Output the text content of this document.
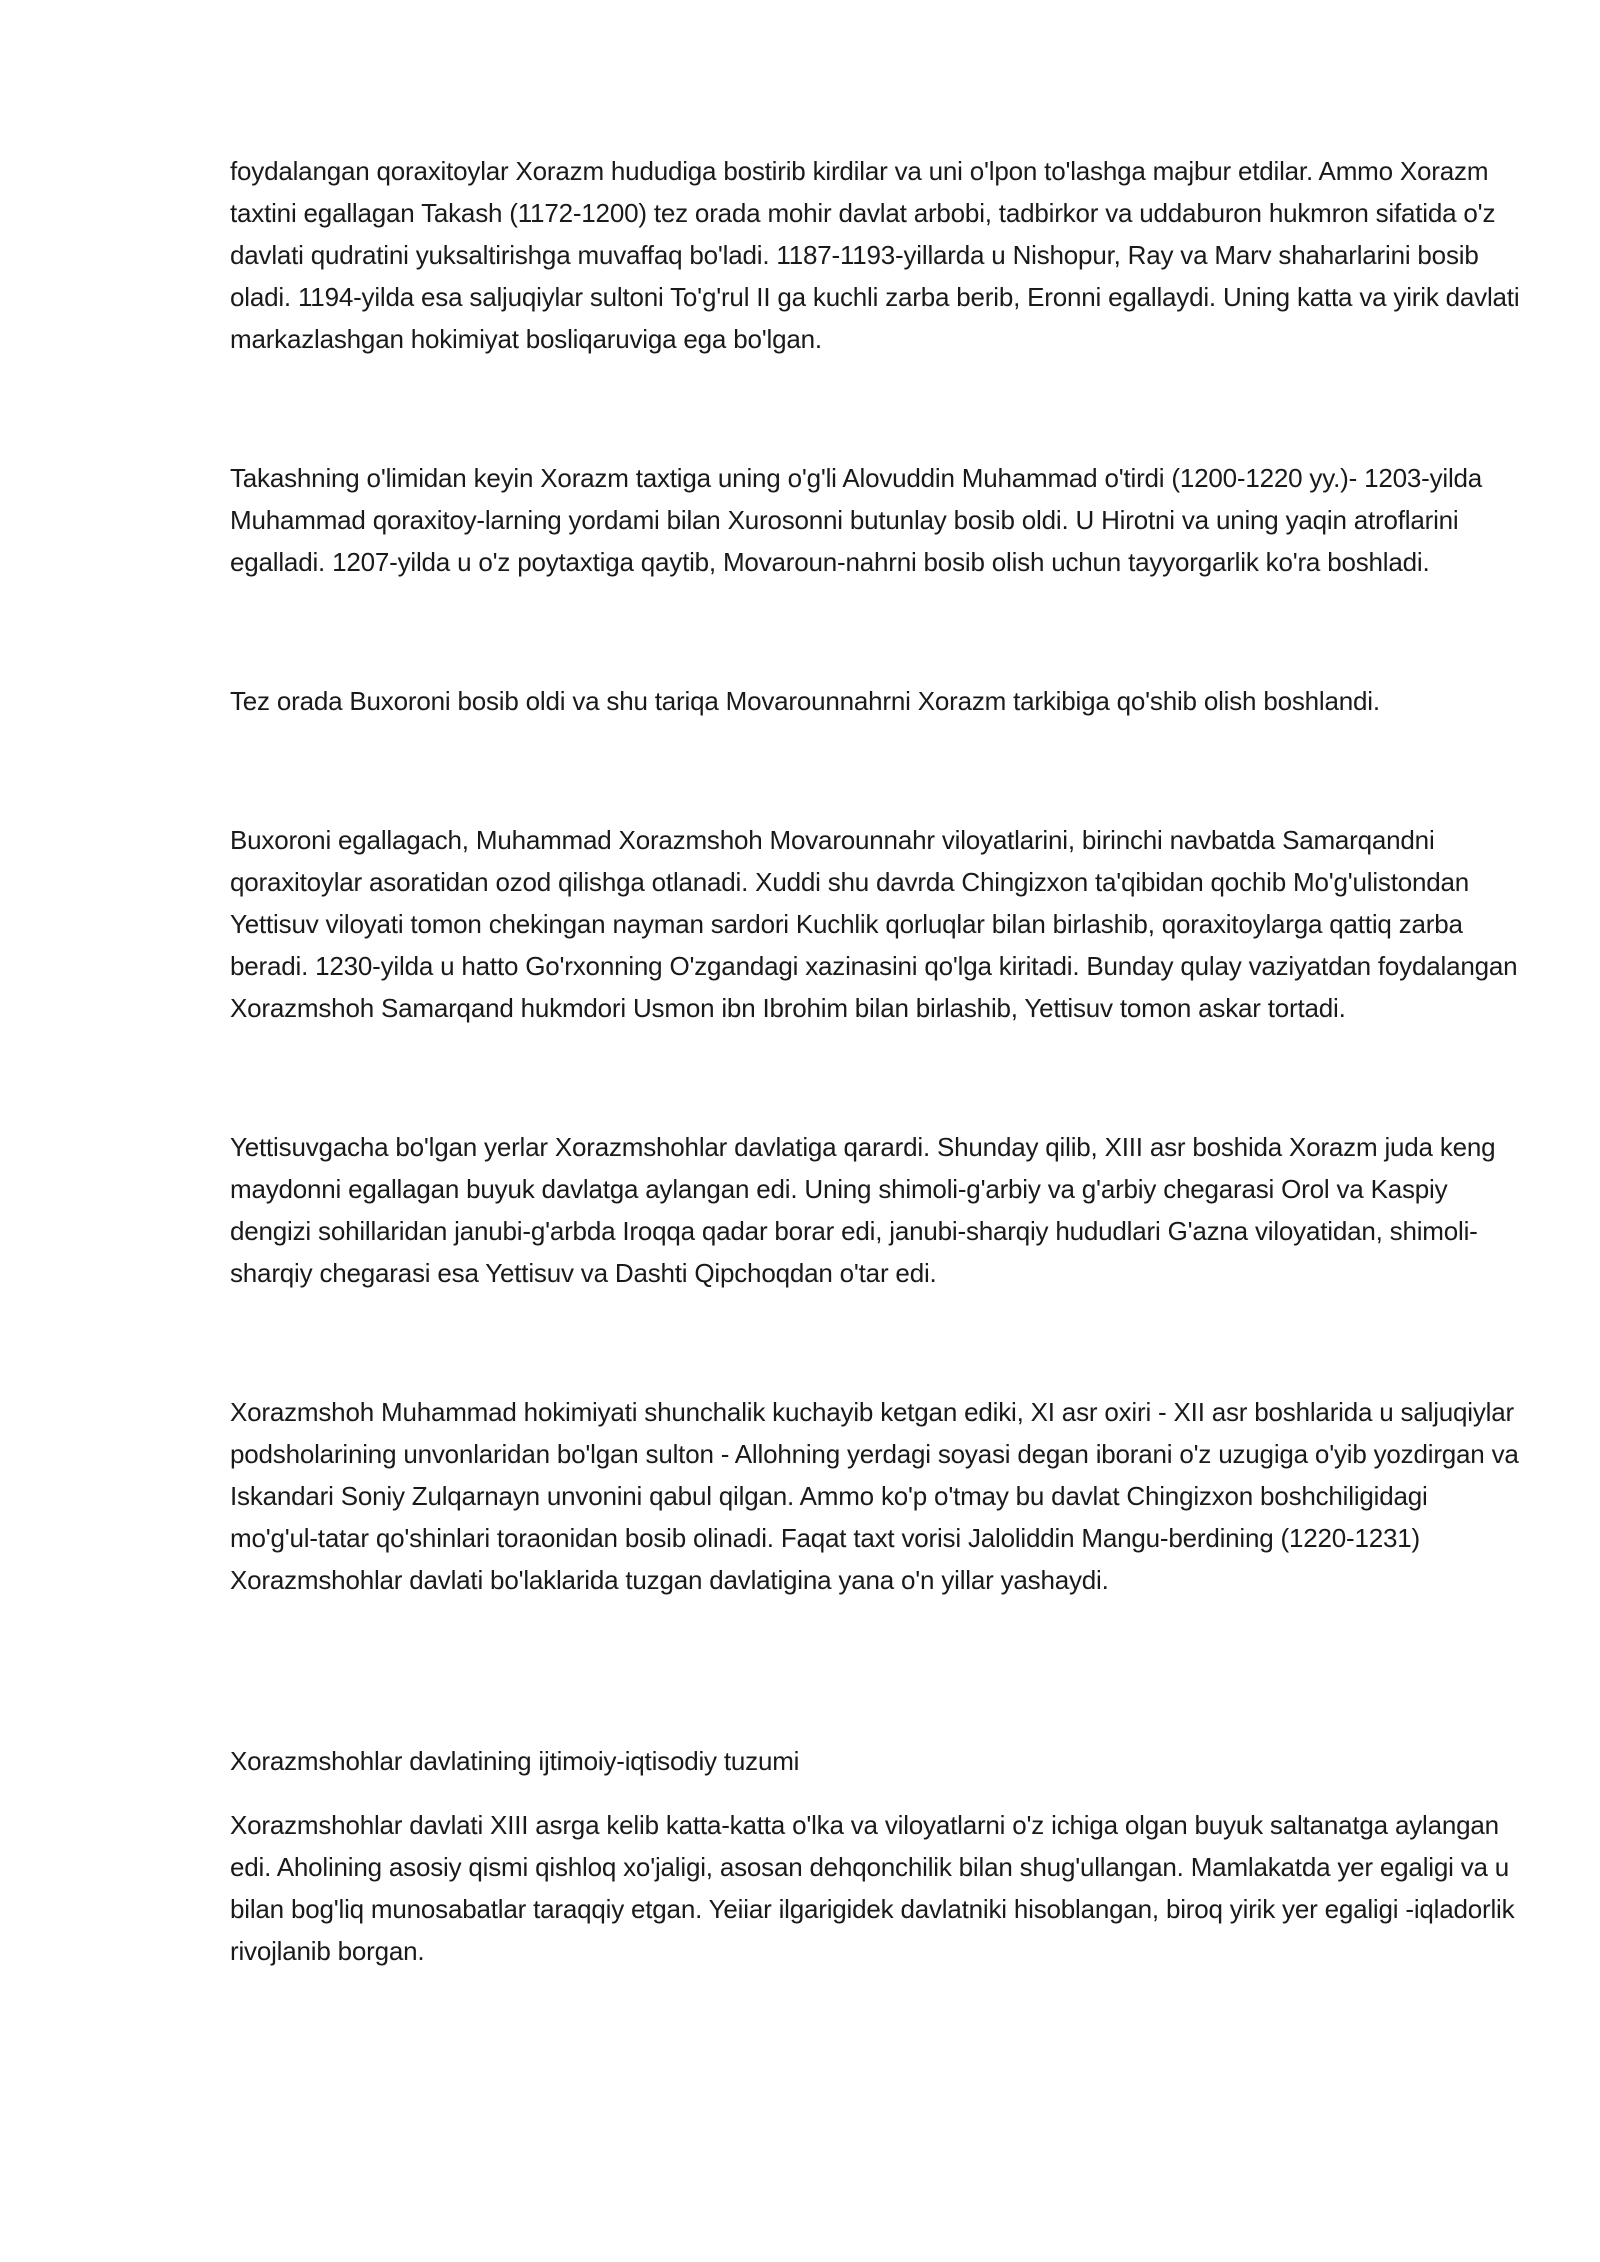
foydalangan qoraxitoylar Xorazm hududiga bostirib kirdilar va uni o'lpon to'lashga majbur etdilar. Ammo Xorazm taxtini egallagan Takash (1172-1200) tez orada mohir davlat arbobi, tadbirkor va uddaburon hukmron sifatida o'z davlati qudratini yuksaltirishga muvaffaq bo'ladi. 1187-1193-yillarda u Nishopur, Ray va Marv shaharlarini bosib oladi. 1194-yilda esa saljuqiylar sultoni To'g'rul II ga kuchli zarba berib, Eronni egallaydi. Uning katta va yirik davlati markazlashgan hokimiyat bosliqaruviga ega bo'lgan.

Takashning o'limidan keyin Xorazm taxtiga uning o'g'li Alovuddin Muhammad o'tirdi (1200-1220 yy.)- 1203-yilda Muhammad qoraxitoy-larning yordami bilan Xurosonni butunlay bosib oldi. U Hirotni va uning yaqin atroflarini egalladi. 1207-yilda u o'z poytaxtiga qaytib, Movaroun-nahrni bosib olish uchun tayyorgarlik ko'ra boshladi.

Tez orada Buxoroni bosib oldi va shu tariqa Movarounnahrni Xorazm tarkibiga qo'shib olish boshlandi.

Buxoroni egallagach, Muhammad Xorazmshoh Movarounnahr viloyatlarini, birinchi navbatda Samarqandni qoraxitoylar asoratidan ozod qilishga otlanadi. Xuddi shu davrda Chingizxon ta'qibidan qochib Mo'g'ulistondan Yettisuv viloyati tomon chekingan nayman sardori Kuchlik qorluqlar bilan birlashib, qoraxitoylarga qattiq zarba beradi. 1230-yilda u hatto Go'rxonning O'zgandagi xazinasini qo'lga kiritadi. Bunday qulay vaziyatdan foydalangan Xorazmshoh Samarqand hukmdori Usmon ibn Ibrohim bilan birlashib, Yettisuv tomon askar tortadi.

Yettisuvgacha bo'lgan yerlar Xorazmshohlar davlatiga qarardi. Shunday qilib, XIII asr boshida Xorazm juda keng maydonni egallagan buyuk davlatga aylangan edi. Uning shimoli-g'arbiy va g'arbiy chegarasi Orol va Kaspiy dengizi sohillaridan janubi-g'arbda Iroqqa qadar borar edi, janubi-sharqiy hududlari G'azna viloyatidan, shimoli-sharqiy chegarasi esa Yettisuv va Dashti Qipchoqdan o'tar edi.

Xorazmshoh Muhammad hokimiyati shunchalik kuchayib ketgan ediki, XI asr oxiri - XII asr boshlarida u saljuqiylar podsholarining unvonlaridan bo'lgan sulton - Allohning yerdagi soyasi degan iborani o'z uzugiga o'yib yozdirgan va Iskandari Soniy Zulqarnayn unvonini qabul qilgan. Ammo ko'p o'tmay bu davlat Chingizxon boshchiligidagi mo'g'ul-tatar qo'shinlari toraonidan bosib olinadi. Faqat taxt vorisi Jaloliddin Mangu-berdining (1220-1231) Xorazmshohlar davlati bo'laklarida tuzgan davlatigina yana o'n yillar yashaydi.

Xorazmshohlar davlatining ijtimoiy-iqtisodiy tuzumi

Xorazmshohlar davlati XIII asrga kelib katta-katta o'lka va viloyatlarni o'z ichiga olgan buyuk saltanatga aylangan edi. Aholining asosiy qismi qishloq xo'jaligi, asosan dehqonchilik bilan shug'ullangan. Mamlakatda yer egaligi va u bilan bog'liq munosabatlar taraqqiy etgan. Yeiiar ilgarigidek davlatniki hisoblangan, biroq yirik yer egaligi -iqladorlik rivojlanib borgan.
